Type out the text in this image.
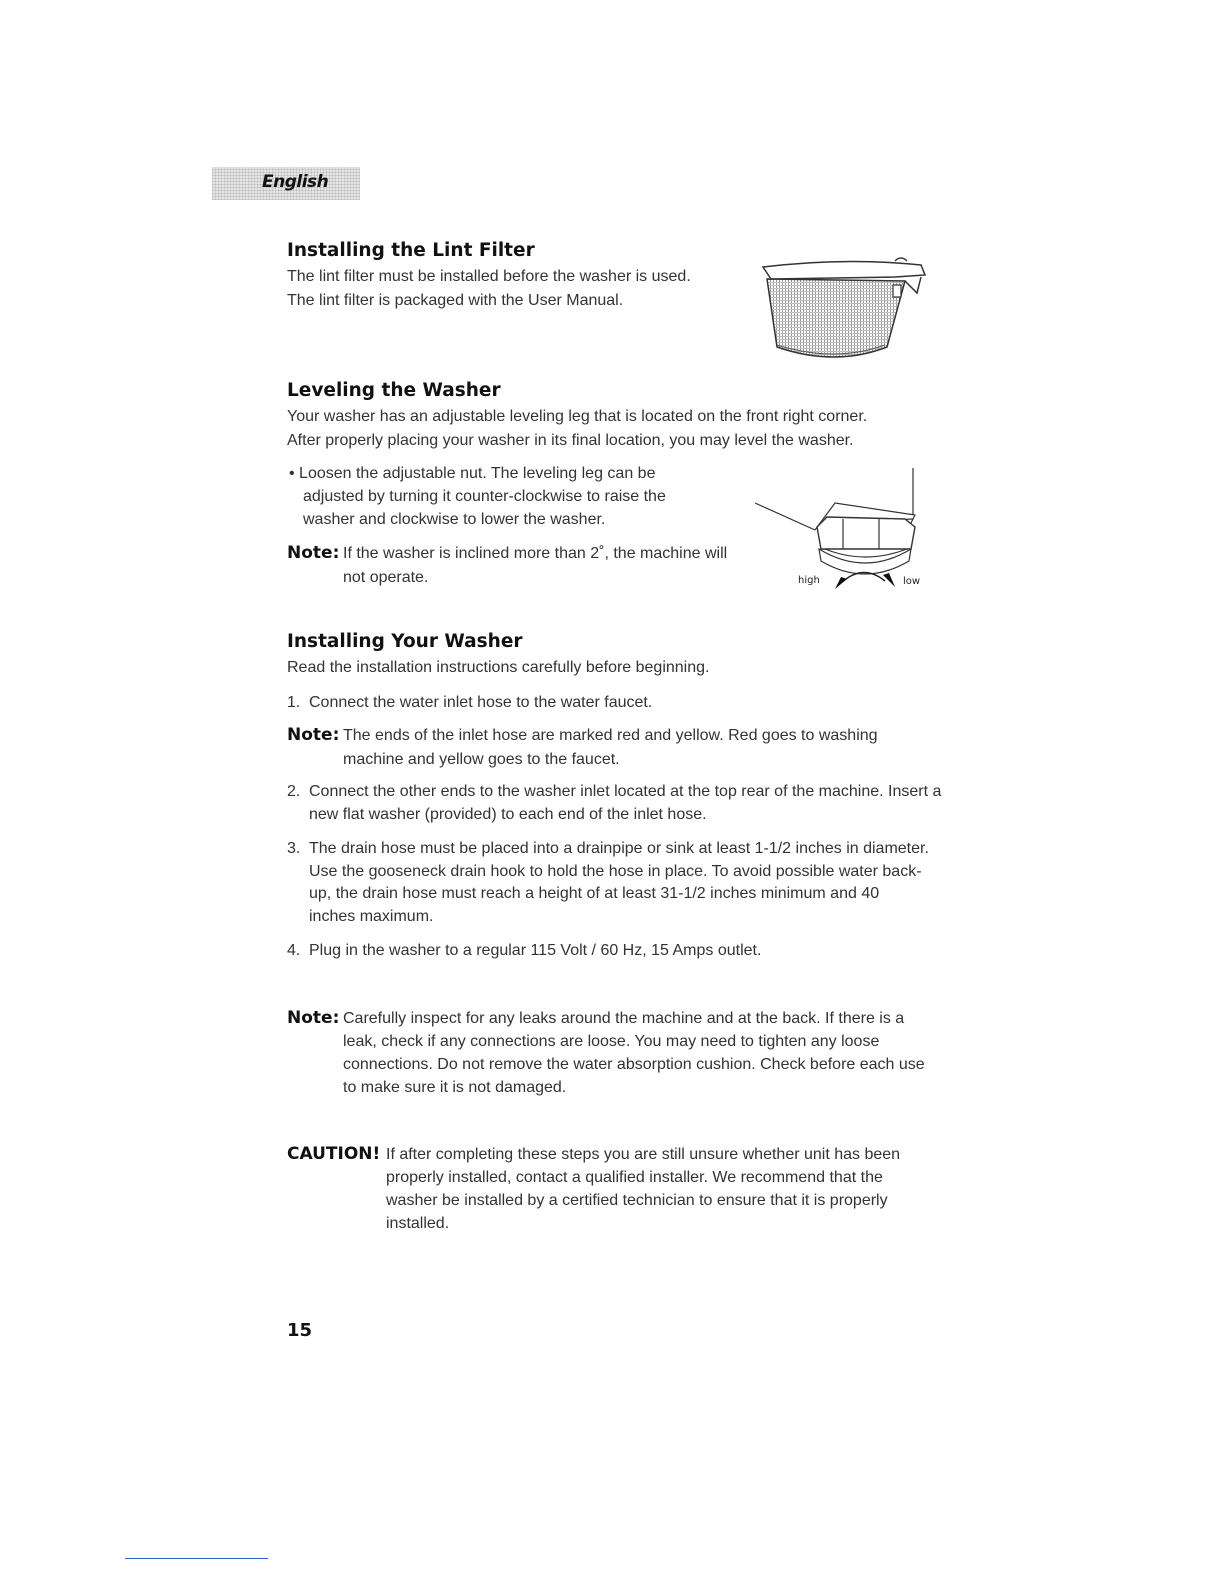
English
Installing the Lint Filter

The lint filter must be installed before the washer is used.

The lint filter is packaged with the User Manual.

Leveling the Washer

Your washer has an adjustable leveling leg that is located on the front right corner.

After properly placing your washer in its final location, you may level the washer.

• Loosen the adjustable nut. The leveling leg can be adjusted by turning it counter-clockwise to raise the washer and clockwise to lower the washer.

Note: If the washer is inclined more than 2˚, the machine will not operate.	high	low
Installing Your Washer

Read the installation instructions carefully before beginning.

1. Connect the water inlet hose to the water faucet.
Note: The ends of the inlet hose are marked red and yellow. Red goes to washing machine and yellow goes to the faucet.
2. Connect the other ends to the washer inlet located at the top rear of the machine. Insert a new flat washer (provided) to each end of the inlet hose.
3. The drain hose must be placed into a drainpipe or sink at least 1-1/2 inches in diameter. Use the gooseneck drain hook to hold the hose in place. To avoid possible water back-up, the drain hose must reach a height of at least 31-1/2 inches minimum and 40 inches maximum.
4. Plug in the washer to a regular 115 Volt / 60 Hz, 15 Amps outlet.
Note: Carefully inspect for any leaks around the machine and at the back. If there is a leak, check if any connections are loose. You may need to tighten any loose connections. Do not remove the water absorption cushion. Check before each use to make sure it is not damaged.
CAUTION! If after completing these steps you are still unsure whether unit has been properly installed, contact a qualified installer. We recommend that the washer be installed by a certified technician to ensure that it is properly installed.
15
